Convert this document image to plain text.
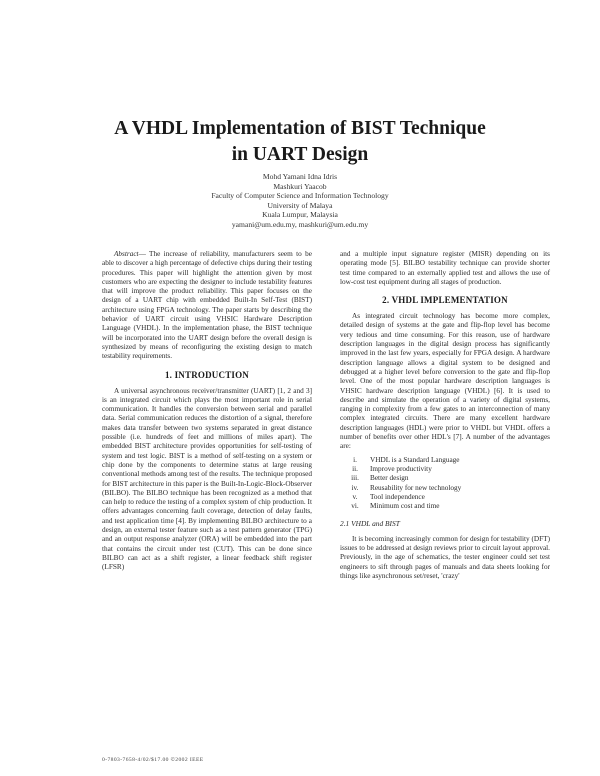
A VHDL Implementation of BIST Technique in UART Design
Mohd Yamani Idna Idris
Mashkuri Yaacob
Faculty of Computer Science and Information Technology
University of Malaya
Kuala Lumpur, Malaysia
yamani@um.edu.my, mashkuri@um.edu.my

Abstract— The increase of reliability, manufacturers seem to be able to discover a high percentage of defective chips during their testing procedures. This paper will highlight the attention given by most customers who are expecting the designer to include testability features that will improve the product reliability. This paper focuses on the design of a UART chip with embedded Built-In Self-Test (BIST) architecture using FPGA technology. The paper starts by describing the behavior of UART circuit using VHSIC Hardware Description Language (VHDL). In the implementation phase, the BIST technique will be incorporated into the UART design before the overall design is synthesized by means of reconfiguring the existing design to match testability requirements.

1. INTRODUCTION

A universal asynchronous receiver/transmitter (UART) [1, 2 and 3] is an integrated circuit which plays the most important role in serial communication. It handles the conversion between serial and parallel data. Serial communication reduces the distortion of a signal, therefore makes data transfer between two systems separated in great distance possible (i.e. hundreds of feet and millions of miles apart). The embedded BIST architecture provides opportunities for self-testing of system and test logic. BIST is a method of self-testing on a system or chip done by the components to determine status at large reusing conventional methods among test of the results. The technique proposed for BIST architecture in this paper is the Built-In-Logic-Block-Observer (BILBO). The BILBO technique has been recognized as a method that can help to reduce the testing of a complex system of chip production. It offers advantages concerning fault coverage, detection of delay faults, and test application time [4]. By implementing BILBO architecture to a design, an external tester feature such as a test pattern generator (TPG) and an output response analyzer (ORA) will be embedded into the part that contains the circuit under test (CUT). This can be done since BILBO can act as a shift register, a linear feedback shift register (LFSR)

and a multiple input signature register (MISR) depending on its operating mode [5]. BILBO testability technique can provide shorter test time compared to an externally applied test and allows the use of low-cost test equipment during all stages of production.

2. VHDL IMPLEMENTATION

As integrated circuit technology has become more complex, detailed design of systems at the gate and flip-flop level has become very tedious and time consuming. For this reason, use of hardware description languages in the digital design process has significantly improved in the last few years, especially for FPGA design. A hardware description language allows a digital system to be designed and debugged at a higher level before conversion to the gate and flip-flop level. One of the most popular hardware description languages is VHSIC hardware description language (VHDL) [6]. It is used to describe and simulate the operation of a variety of digital systems, ranging in complexity from a few gates to an interconnection of many complex integrated circuits. There are many excellent hardware description languages (HDL) were prior to VHDL but VHDL offers a number of benefits over other HDL's [7]. A number of the advantages are:

i.	VHDL is a Standard Language
ii.	Improve productivity
iii.	Better design
iv.	Reusability for new technology
v.	Tool independence
vi.	Minimum cost and time
2.1 VHDL and BIST

It is becoming increasingly common for design for testability (DFT) issues to be addressed at design reviews prior to circuit layout approval. Previously, in the age of schematics, the tester engineer could set test engineers to sift through pages of manuals and data sheets looking for things like asynchronous set/reset, 'crazy'

0-7803-7658-4/02/$17.00 ©2002 IEEE
